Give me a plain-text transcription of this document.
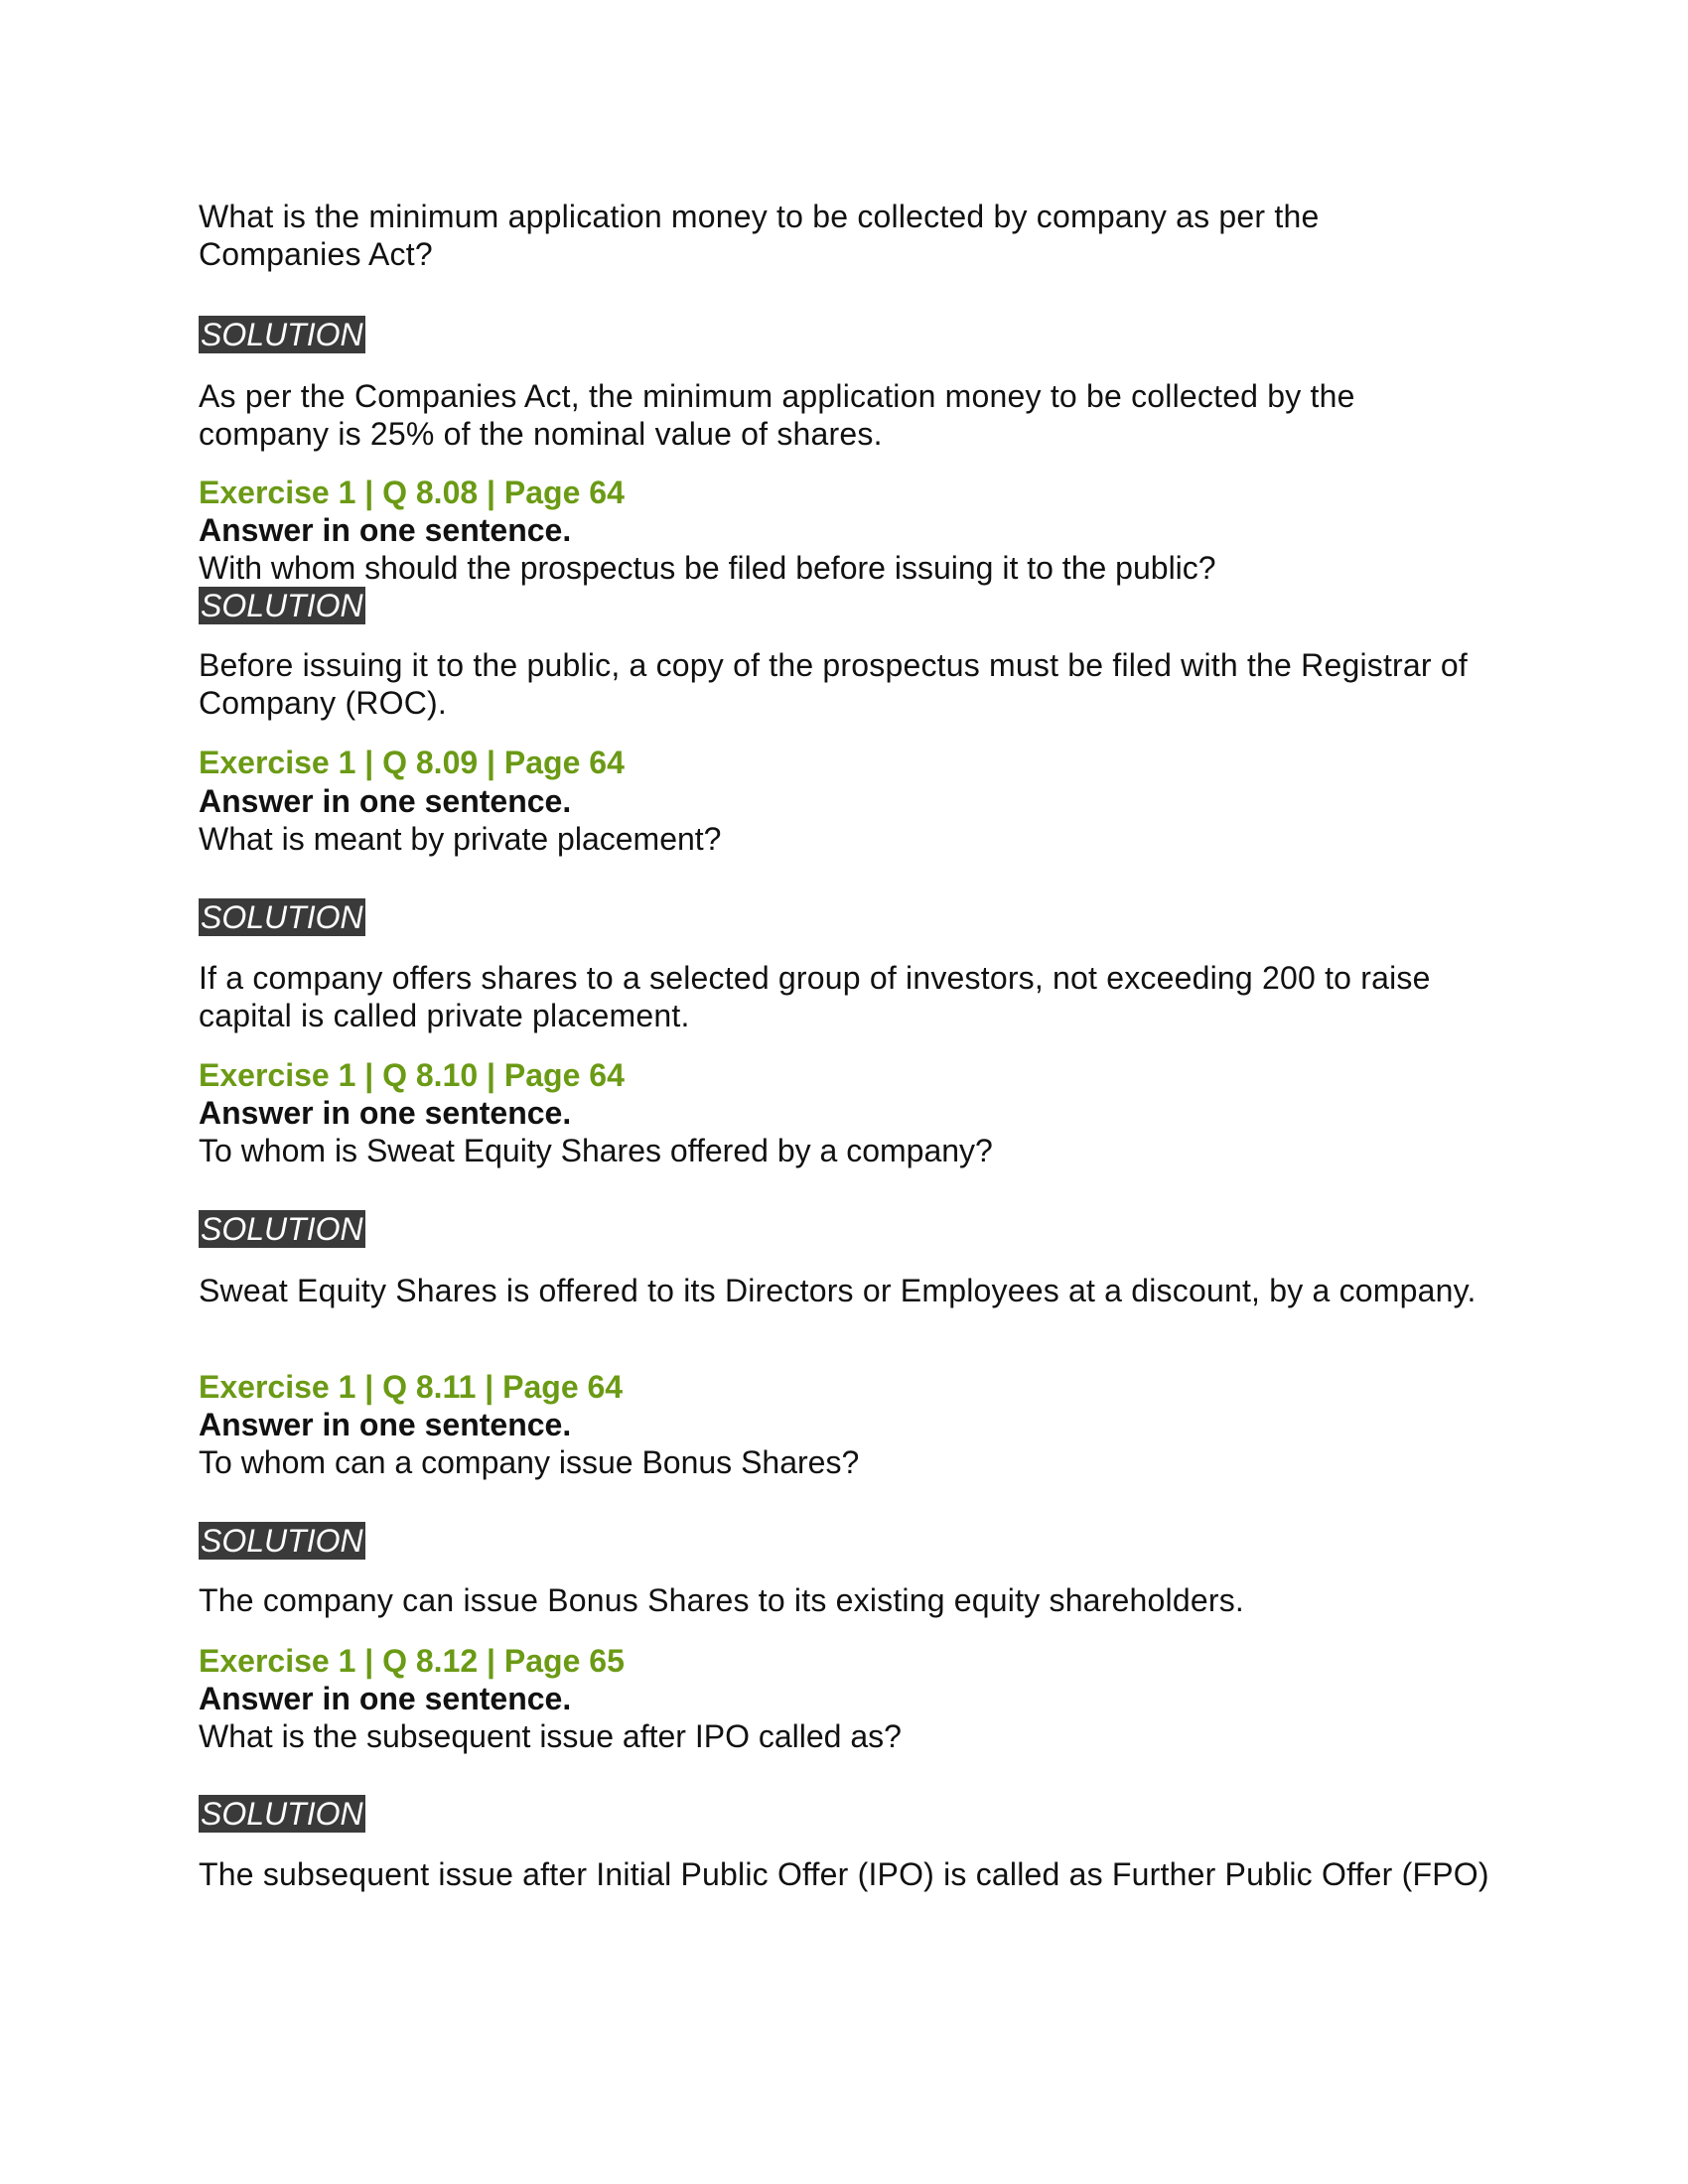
What is the minimum application money to be collected by company as per the Companies Act?
SOLUTION
As per the Companies Act, the minimum application money to be collected by the company is 25% of the nominal value of shares.
Exercise 1 | Q 8.08 | Page 64
Answer in one sentence.
With whom should the prospectus be filed before issuing it to the public?
SOLUTION
Before issuing it to the public, a copy of the prospectus must be filed with the Registrar of Company (ROC).
Exercise 1 | Q 8.09 | Page 64
Answer in one sentence.
What is meant by private placement?
SOLUTION
If a company offers shares to a selected group of investors, not exceeding 200 to raise capital is called private placement.
Exercise 1 | Q 8.10 | Page 64
Answer in one sentence.
To whom is Sweat Equity Shares offered by a company?
SOLUTION
Sweat Equity Shares is offered to its Directors or Employees at a discount, by a company.
Exercise 1 | Q 8.11 | Page 64
Answer in one sentence.
To whom can a company issue Bonus Shares?
SOLUTION
The company can issue Bonus Shares to its existing equity shareholders.
Exercise 1 | Q 8.12 | Page 65
Answer in one sentence.
What is the subsequent issue after IPO called as?
SOLUTION
The subsequent issue after Initial Public Offer (IPO) is called as Further Public Offer (FPO)
